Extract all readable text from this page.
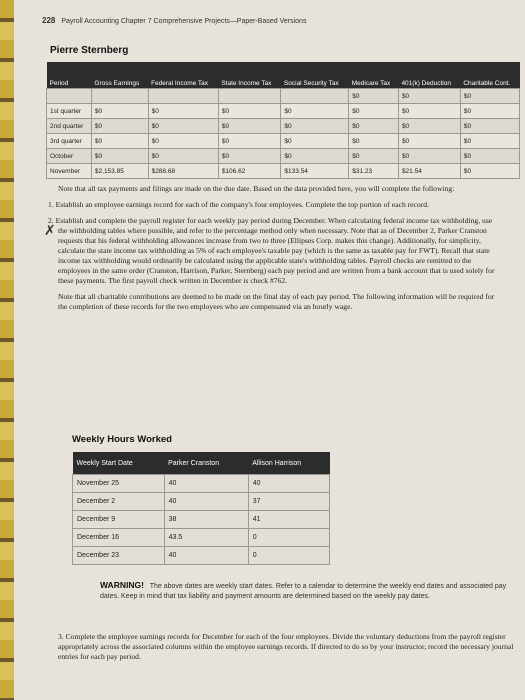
228 Payroll Accounting Chapter 7 Comprehensive Projects—Paper-Based Versions
Pierre Sternberg
Period	Gross Earnings	Federal Income Tax	State Income Tax	Social Security Tax	Medicare Tax	401(k) Deduction	Charitable Cont.
					$0	$0	$0
1st quarter	$0	$0	$0	$0	$0	$0	$0
2nd quarter	$0	$0	$0	$0	$0	$0	$0
3rd quarter	$0	$0	$0	$0	$0	$0	$0
October	$0	$0	$0	$0	$0	$0	$0
November	$2,153.85	$288.68	$106.62	$133.54	$31.23	$21.54	$0
✗

Note that all tax payments and filings are made on the due date. Based on the data provided here, you will complete the following:

1. Establish an employee earnings record for each of the company's four employees. Complete the top portion of each record.

2. Establish and complete the payroll register for each weekly pay period during December. When calculating federal income tax withholding, use the withholding tables where possible, and refer to the percentage method only when necessary. Note that as of December 2, Parker Cranston requests that his federal withholding allowances increase from two to three (Ellipses Corp. makes this change). Additionally, for simplicity, calculate the state income tax withholding as 5% of each employee's taxable pay (which is the same as taxable pay for FWT). Recall that state income tax withholding would ordinarily be calculated using the applicable state's withholding tables. Payroll checks are remitted to the employees in the same order (Cranston, Harrison, Parker, Sternberg) each pay period and are written from a bank account that is used solely for these payments. The first payroll check written in December is check #762.

Note that all charitable contributions are deemed to be made on the final day of each pay period. The following information will be required for the completion of these records for the two employees who are compensated via an hourly wage.

Weekly Hours Worked
Weekly Start Date	Parker Cranston	Allison Harrison
November 25	40	40
December 2	40	37
December 9	38	41
December 16	43.5	0
December 23	40	0
WARNING! The above dates are weekly start dates. Refer to a calendar to determine the weekly end dates and associated pay dates. Keep in mind that tax liability and payment amounts are determined based on the weekly pay dates.
3. Complete the employee earnings records for December for each of the four employees. Divide the voluntary deductions from the payroll register appropriately across the associated columns within the employee earnings records. If directed to do so by your instructor, record the necessary journal entries for each pay period.
